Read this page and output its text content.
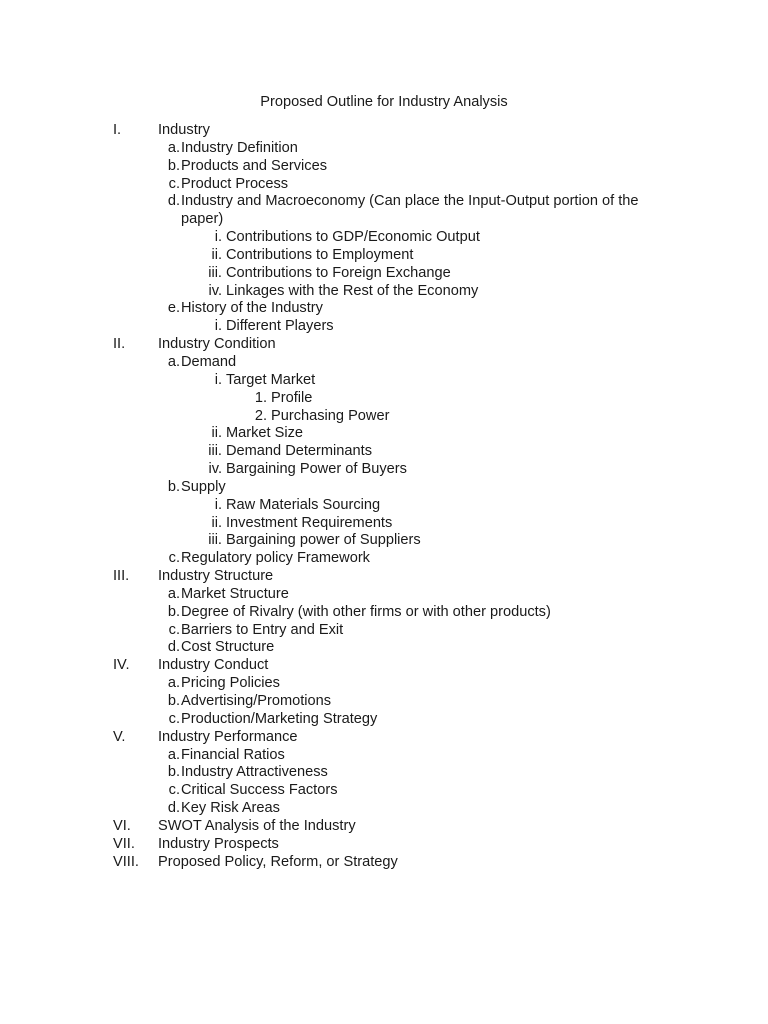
Proposed Outline for Industry Analysis
I.	Industry
a. Industry Definition
b. Products and Services
c. Product Process
d. Industry and Macroeconomy (Can place the Input-Output portion of the
paper)
i. Contributions to GDP/Economic Output
ii. Contributions to Employment
iii. Contributions to Foreign Exchange
iv. Linkages with the Rest of the Economy
e. History of the Industry
i. Different Players
II. Industry Condition
a. Demand
i. Target Market
1. Profile
2. Purchasing Power
ii. Market Size
iii. Demand Determinants
iv. Bargaining Power of Buyers
b. Supply
i. Raw Materials Sourcing
ii. Investment Requirements
iii. Bargaining power of Suppliers
c. Regulatory policy Framework
III. Industry Structure
a. Market Structure
b. Degree of Rivalry (with other firms or with other products)
c. Barriers to Entry and Exit
d. Cost Structure
IV. Industry Conduct
a. Pricing Policies
b. Advertising/Promotions
c. Production/Marketing Strategy
V. Industry Performance
a. Financial Ratios
b. Industry Attractiveness
c. Critical Success Factors
d. Key Risk Areas
VI. SWOT Analysis of the Industry
VII. Industry Prospects
VIII. Proposed Policy, Reform, or Strategy
